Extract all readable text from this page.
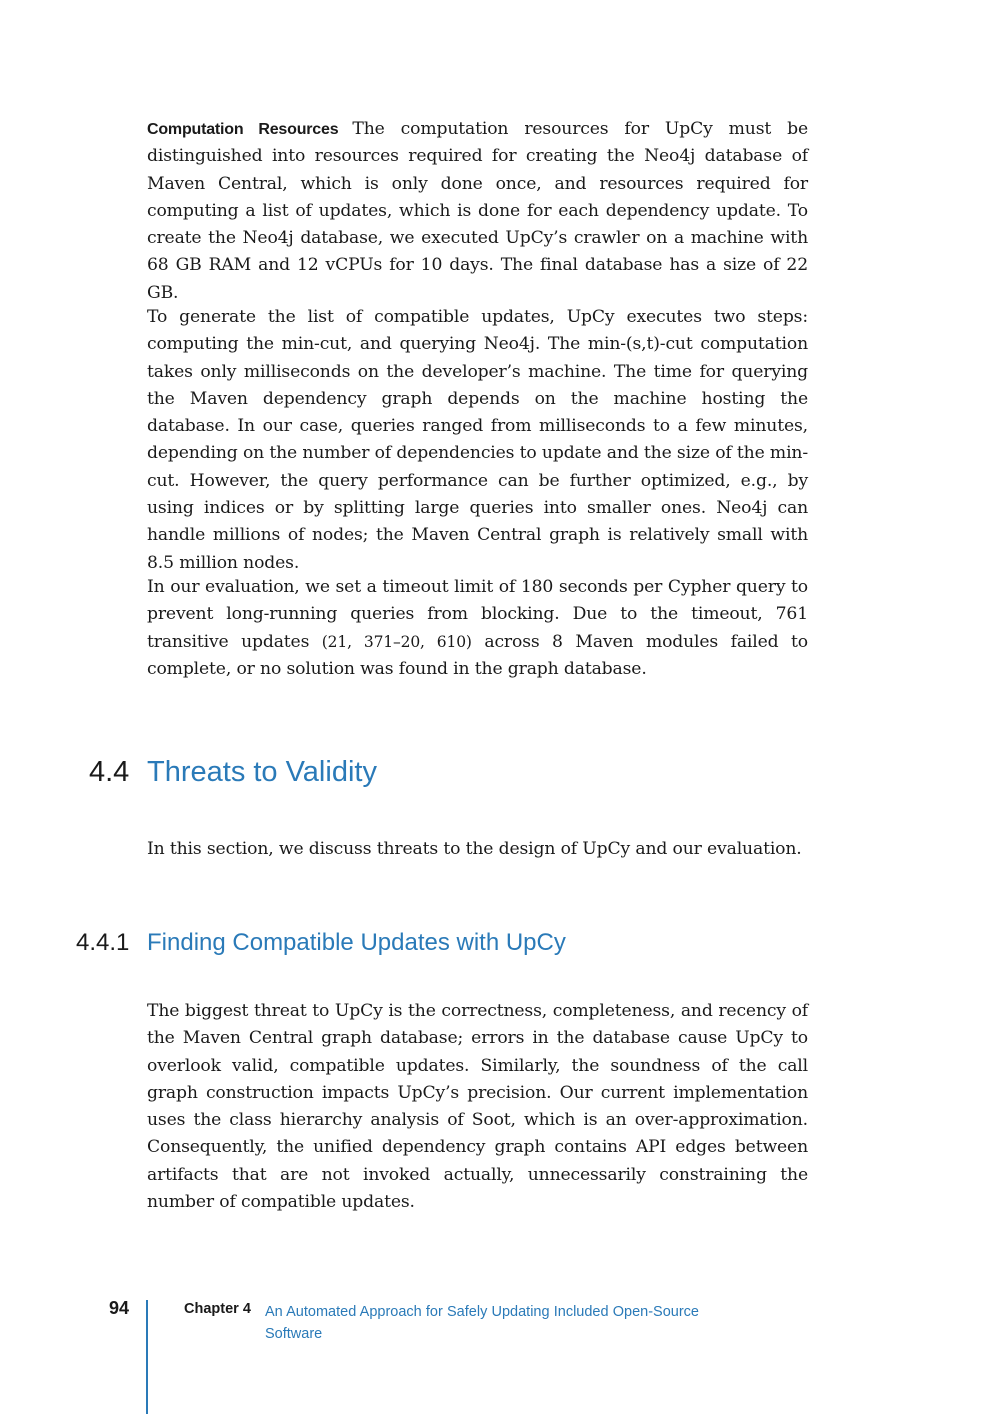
Computation Resources The computation resources for UpCy must be distinguished into resources required for creating the Neo4j database of Maven Central, which is only done once, and resources required for computing a list of updates, which is done for each dependency update. To create the Neo4j database, we executed UpCy’s crawler on a machine with 68 GB RAM and 12 vCPUs for 10 days. The final database has a size of 22 GB.

To generate the list of compatible updates, UpCy executes two steps: computing the min-cut, and querying Neo4j. The min-(s,t)-cut computation takes only milliseconds on the developer’s machine. The time for querying the Maven dependency graph depends on the machine hosting the database. In our case, queries ranged from milliseconds to a few minutes, depending on the number of dependencies to update and the size of the min-cut. However, the query performance can be further optimized, e.g., by using indices or by splitting large queries into smaller ones. Neo4j can handle millions of nodes; the Maven Central graph is relatively small with 8.5 million nodes.

In our evaluation, we set a timeout limit of 180 seconds per Cypher query to prevent long-running queries from blocking. Due to the timeout, 761 transitive updates (21, 371–20, 610) across 8 Maven modules failed to complete, or no solution was found in the graph database.

4.4 Threats to Validity

In this section, we discuss threats to the design of UpCy and our evaluation.

4.4.1 Finding Compatible Updates with UpCy

The biggest threat to UpCy is the correctness, completeness, and recency of the Maven Central graph database; errors in the database cause UpCy to overlook valid, compatible updates. Similarly, the soundness of the call graph construction impacts UpCy’s precision. Our current implementation uses the class hierarchy analysis of Soot, which is an over-approximation. Consequently, the unified dependency graph contains API edges between artifacts that are not invoked actually, unnecessarily constraining the number of compatible updates.

94	Chapter 4 An Automated Approach for Safely Updating Included Open-Source Software
